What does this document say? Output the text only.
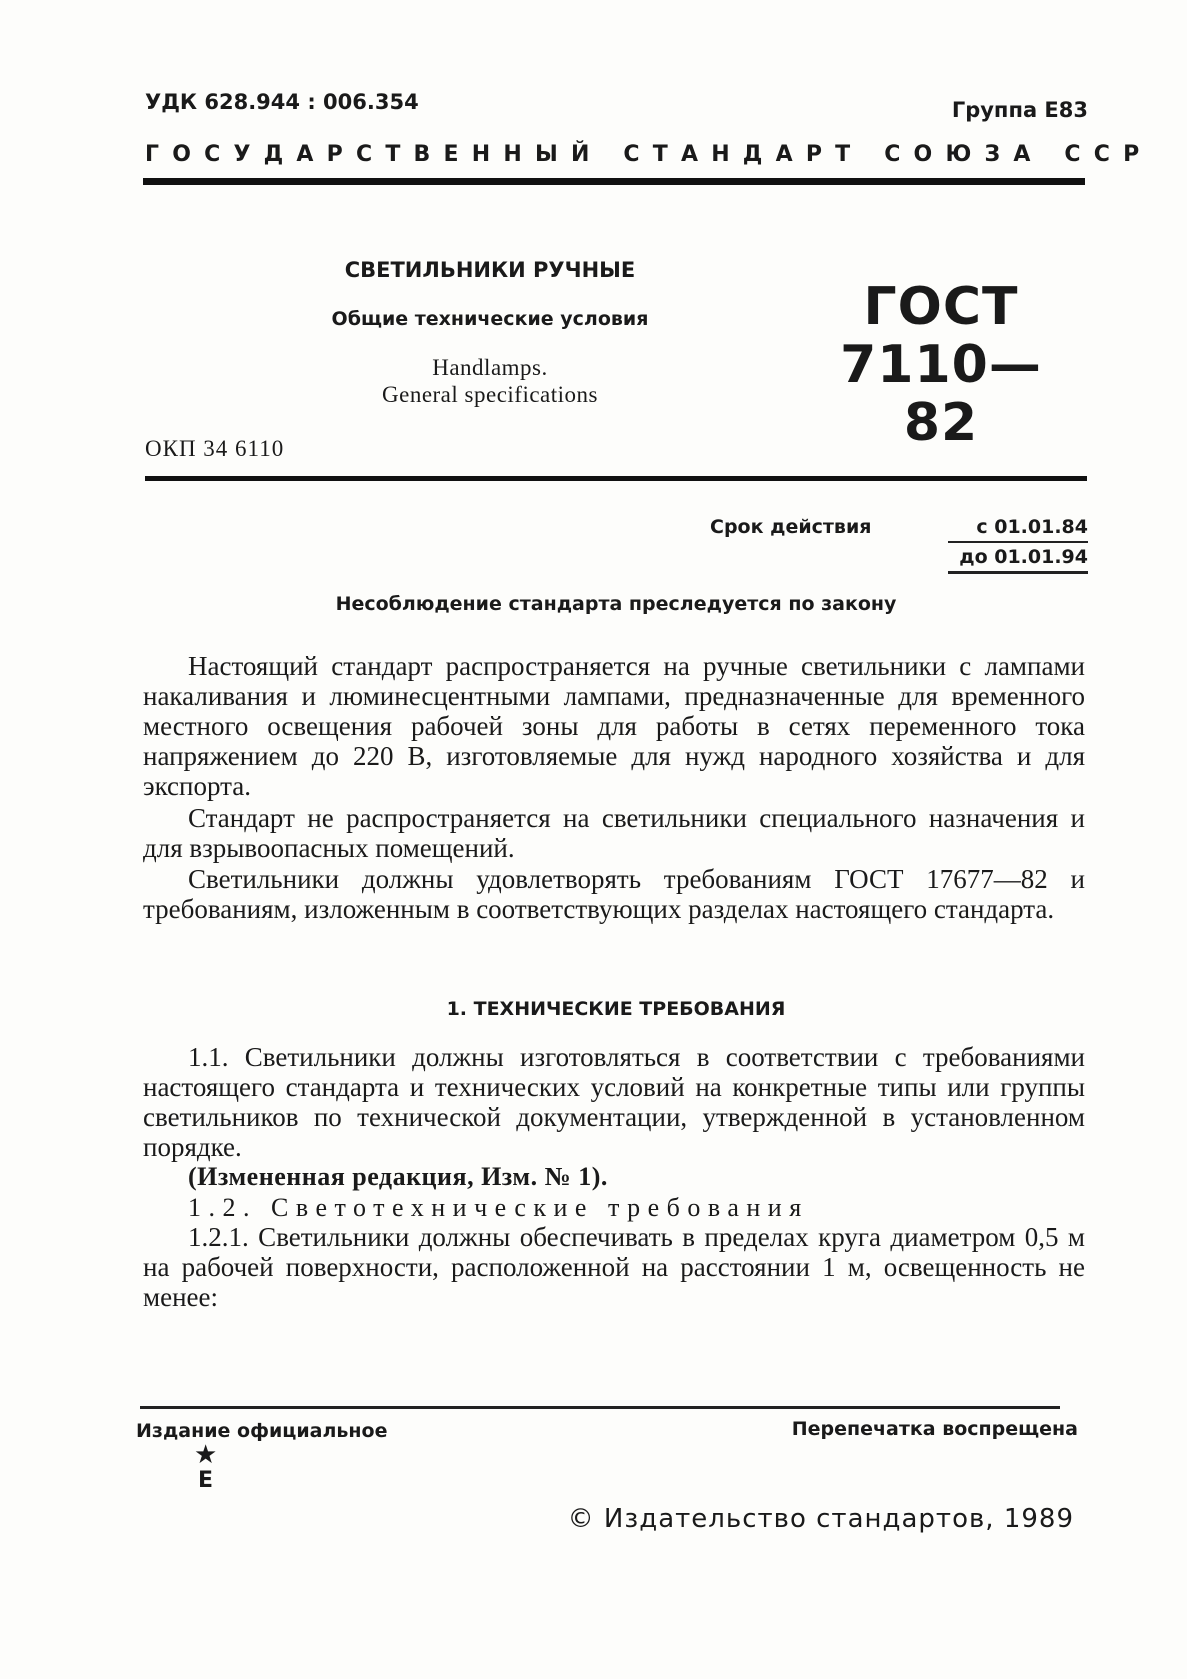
УДК 628.944 : 006.354	Группа Е83
ГОСУДАРСТВЕННЫЙ СТАНДАРТ СОЮЗА ССР
СВЕТИЛЬНИКИ РУЧНЫЕ
Общие технические условия
Handlamps.
General specifications
ГОСТ
7110—82
ОКП 34 6110
Срок действия	с 01.01.84
до 01.01.94
Несоблюдение стандарта преследуется по закону

Настоящий стандарт распространяется на ручные светильники с лампами накаливания и люминесцентными лампами, предназначенные для временного местного освещения рабочей зоны для работы в сетях переменного тока напряжением до 220 В, изготовляемые для нужд народного хозяйства и для экспорта.

Стандарт не распространяется на светильники специального назначения и для взрывоопасных помещений.

Светильники должны удовлетворять требованиям ГОСТ 17677—82 и требованиям, изложенным в соответствующих разделах настоящего стандарта.

1. ТЕХНИЧЕСКИЕ ТРЕБОВАНИЯ

1.1. Светильники должны изготовляться в соответствии с требованиями настоящего стандарта и технических условий на конкретные типы или группы светильников по технической документации, утвержденной в установленном порядке.

(Измененная редакция, Изм. № 1).
1.2. Светотехнические требования

1.2.1. Светильники должны обеспечивать в пределах круга диаметром 0,5 м на рабочей поверхности, расположенной на расстоянии 1 м, освещенность не менее:

Издание официальное
★
Е
Перепечатка воспрещена
© Издательство стандартов, 1989
